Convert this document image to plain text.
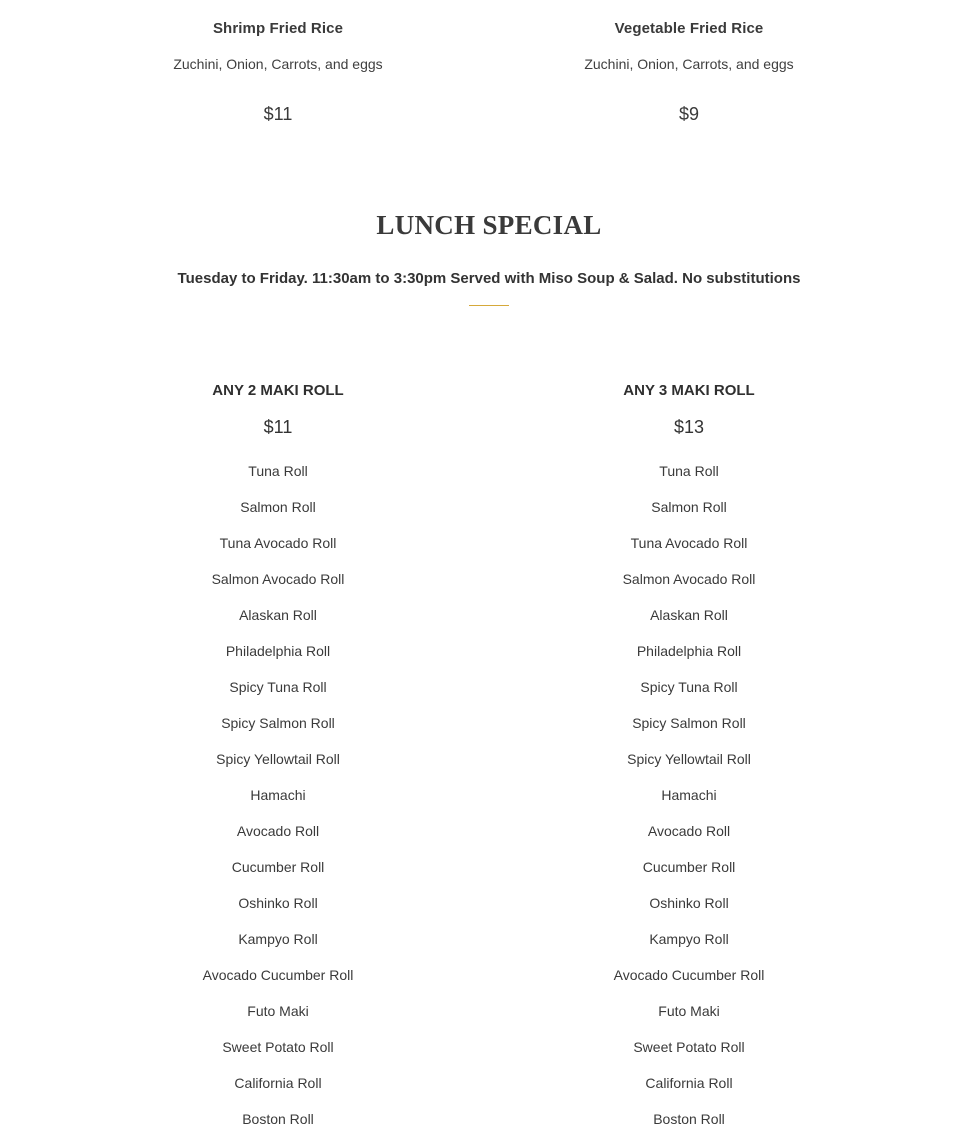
Shrimp Fried Rice
Zuchini, Onion, Carrots, and eggs
$11
Vegetable Fried Rice
Zuchini, Onion, Carrots, and eggs
$9
LUNCH SPECIAL
Tuesday to Friday. 11:30am to 3:30pm Served with Miso Soup & Salad. No substitutions
ANY 2 MAKI ROLL
$11
Tuna Roll
Salmon Roll
Tuna Avocado Roll
Salmon Avocado Roll
Alaskan Roll
Philadelphia Roll
Spicy Tuna Roll
Spicy Salmon Roll
Spicy Yellowtail Roll
Hamachi
Avocado Roll
Cucumber Roll
Oshinko Roll
Kampyo Roll
Avocado Cucumber Roll
Futo Maki
Sweet Potato Roll
California Roll
Boston Roll
ANY 3 MAKI ROLL
$13
Tuna Roll
Salmon Roll
Tuna Avocado Roll
Salmon Avocado Roll
Alaskan Roll
Philadelphia Roll
Spicy Tuna Roll
Spicy Salmon Roll
Spicy Yellowtail Roll
Hamachi
Avocado Roll
Cucumber Roll
Oshinko Roll
Kampyo Roll
Avocado Cucumber Roll
Futo Maki
Sweet Potato Roll
California Roll
Boston Roll
